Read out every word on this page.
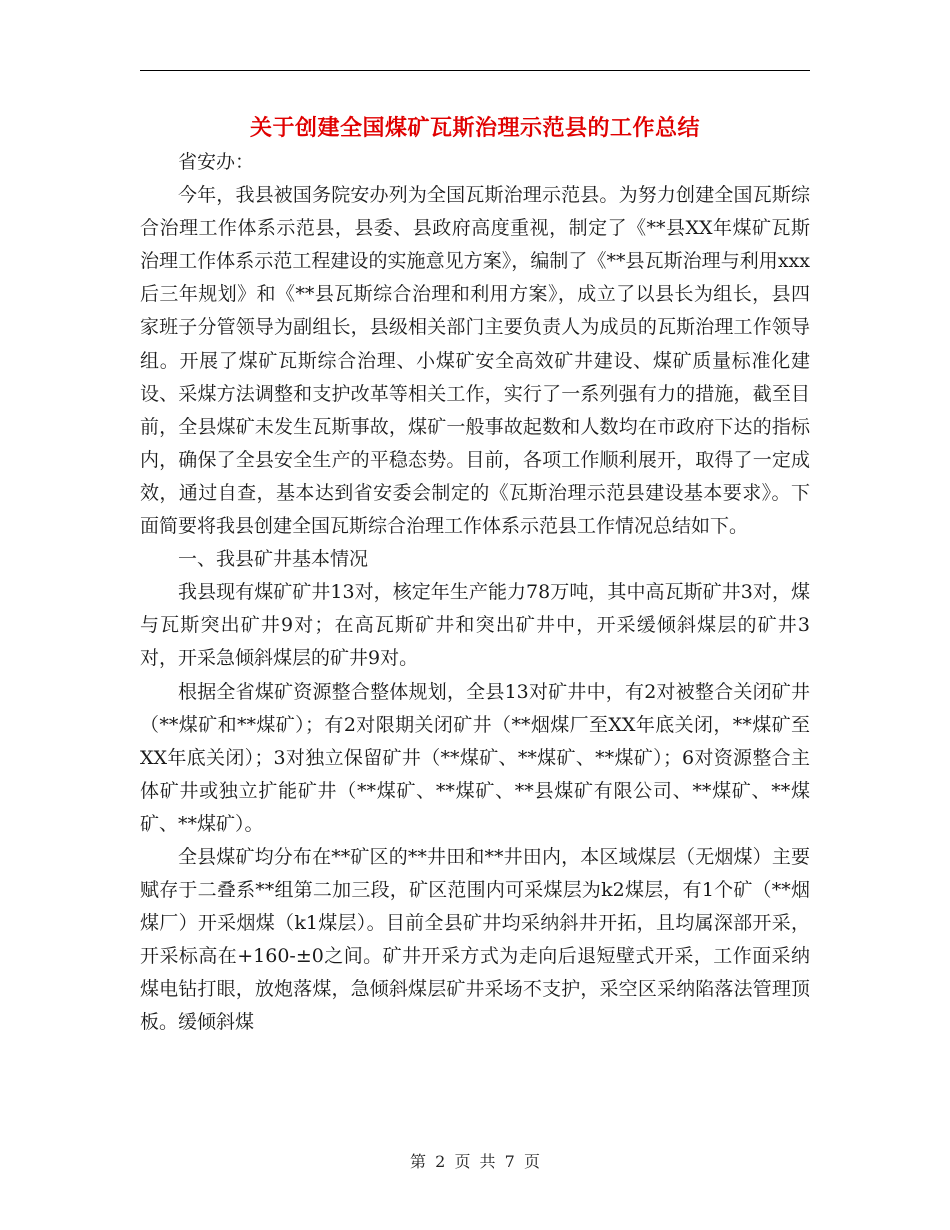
关于创建全国煤矿瓦斯治理示范县的工作总结

省安办：

今年，我县被国务院安办列为全国瓦斯治理示范县。为努力创建全国瓦斯综合治理工作体系示范县，县委、县政府高度重视，制定了《**县XX年煤矿瓦斯治理工作体系示范工程建设的实施意见方案》，编制了《**县瓦斯治理与利用xxx后三年规划》和《**县瓦斯综合治理和利用方案》，成立了以县长为组长，县四家班子分管领导为副组长，县级相关部门主要负责人为成员的瓦斯治理工作领导组。开展了煤矿瓦斯综合治理、小煤矿安全高效矿井建设、煤矿质量标准化建设、采煤方法调整和支护改革等相关工作，实行了一系列强有力的措施，截至目前，全县煤矿未发生瓦斯事故，煤矿一般事故起数和人数均在市政府下达的指标内，确保了全县安全生产的平稳态势。目前，各项工作顺利展开，取得了一定成效，通过自查，基本达到省安委会制定的《瓦斯治理示范县建设基本要求》。下面简要将我县创建全国瓦斯综合治理工作体系示范县工作情况总结如下。

一、我县矿井基本情况

我县现有煤矿矿井13对，核定年生产能力78万吨，其中高瓦斯矿井3对，煤与瓦斯突出矿井9对；在高瓦斯矿井和突出矿井中，开采缓倾斜煤层的矿井3对，开采急倾斜煤层的矿井9对。

根据全省煤矿资源整合整体规划，全县13对矿井中，有2对被整合关闭矿井（**煤矿和**煤矿）；有2对限期关闭矿井（**烟煤厂至XX年底关闭，**煤矿至XX年底关闭）；3对独立保留矿井（**煤矿、**煤矿、**煤矿）；6对资源整合主体矿井或独立扩能矿井（**煤矿、**煤矿、**县煤矿有限公司、**煤矿、**煤矿、**煤矿）。

全县煤矿均分布在**矿区的**井田和**井田内，本区域煤层（无烟煤）主要赋存于二叠系**组第二加三段，矿区范围内可采煤层为k2煤层，有1个矿（**烟煤厂）开采烟煤（k1煤层）。目前全县矿井均采纳斜井开拓，且均属深部开采，开采标高在+160-±0之间。矿井开采方式为走向后退短壁式开采，工作面采纳煤电钻打眼，放炮落煤，急倾斜煤层矿井采场不支护，采空区采纳陷落法管理顶板。缓倾斜煤

第 2 页 共 7 页
